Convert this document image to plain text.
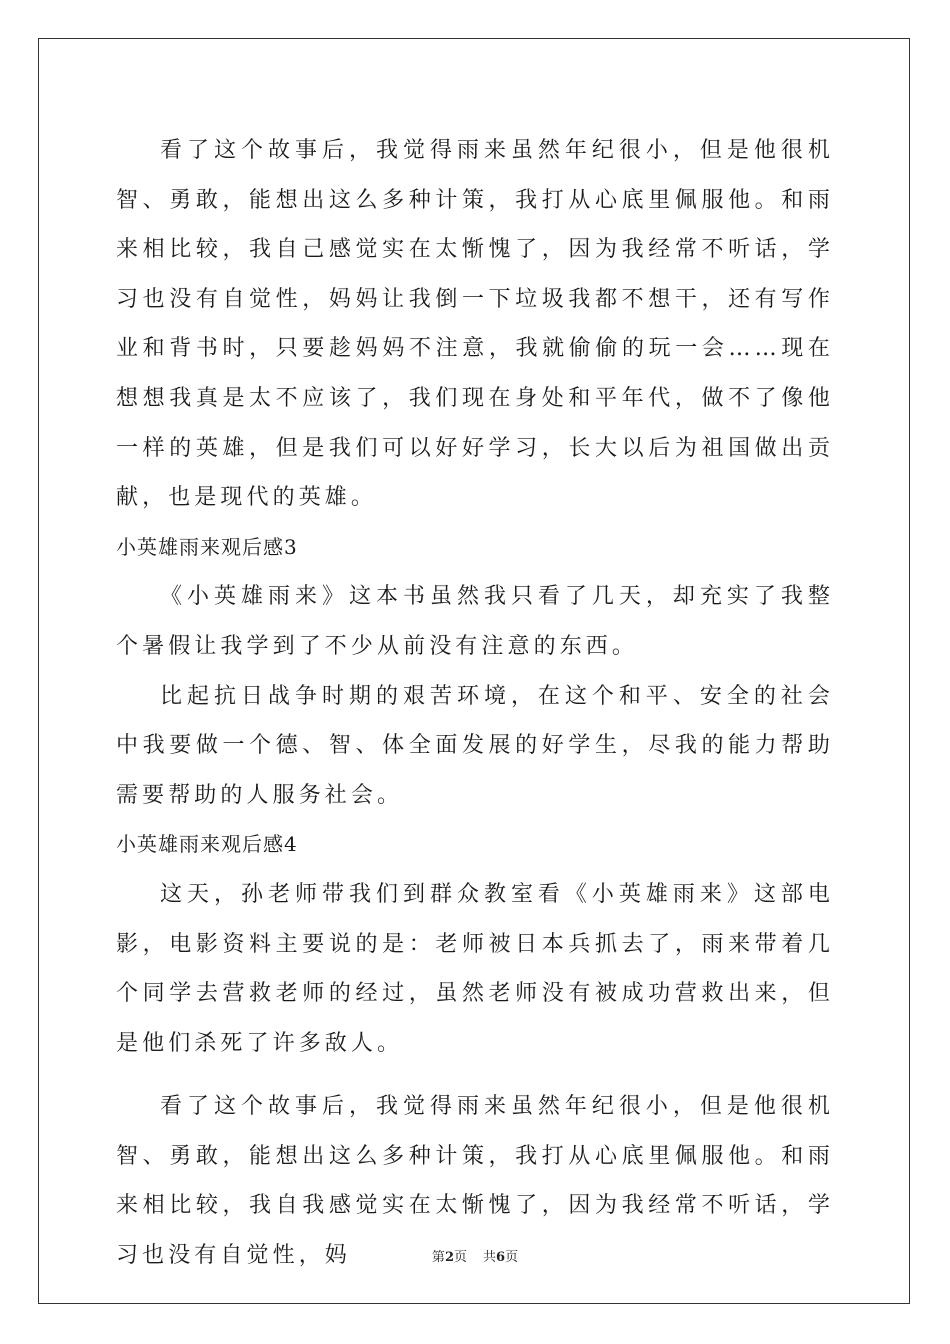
看了这个故事后，我觉得雨来虽然年纪很小，但是他很机智、勇敢，能想出这么多种计策，我打从心底里佩服他。和雨来相比较，我自己感觉实在太惭愧了，因为我经常不听话，学习也没有自觉性，妈妈让我倒一下垃圾我都不想干，还有写作业和背书时，只要趁妈妈不注意，我就偷偷的玩一会……现在想想我真是太不应该了，我们现在身处和平年代，做不了像他一样的英雄，但是我们可以好好学习，长大以后为祖国做出贡献，也是现代的英雄。

小英雄雨来观后感3

《小英雄雨来》这本书虽然我只看了几天，却充实了我整个暑假让我学到了不少从前没有注意的东西。

比起抗日战争时期的艰苦环境，在这个和平、安全的社会中我要做一个德、智、体全面发展的好学生，尽我的能力帮助需要帮助的人服务社会。

小英雄雨来观后感4

这天，孙老师带我们到群众教室看《小英雄雨来》这部电影，电影资料主要说的是：老师被日本兵抓去了，雨来带着几个同学去营救老师的经过，虽然老师没有被成功营救出来，但是他们杀死了许多敌人。

看了这个故事后，我觉得雨来虽然年纪很小，但是他很机智、勇敢，能想出这么多种计策，我打从心底里佩服他。和雨来相比较，我自我感觉实在太惭愧了，因为我经常不听话，学习也没有自觉性，妈	第2页 共6页
